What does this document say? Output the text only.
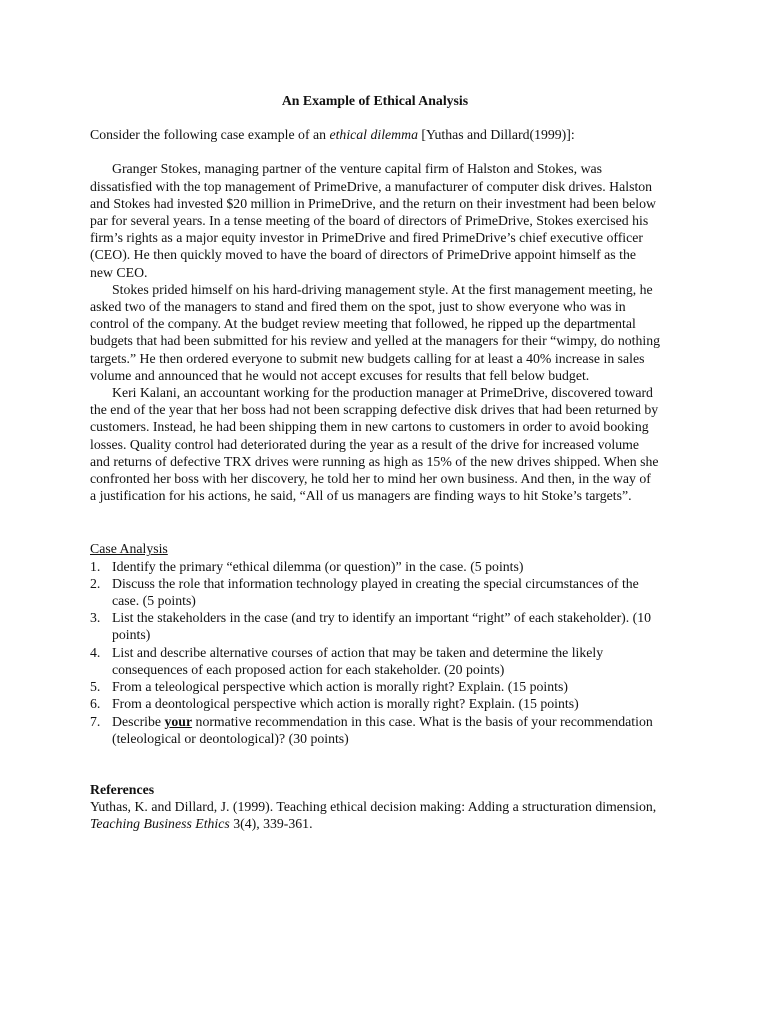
An Example of Ethical Analysis

Consider the following case example of an ethical dilemma [Yuthas and Dillard(1999)]:

Granger Stokes, managing partner of the venture capital firm of Halston and Stokes, was dissatisfied with the top management of PrimeDrive, a manufacturer of computer disk drives. Halston and Stokes had invested $20 million in PrimeDrive, and the return on their investment had been below par for several years. In a tense meeting of the board of directors of PrimeDrive, Stokes exercised his firm’s rights as a major equity investor in PrimeDrive and fired PrimeDrive’s chief executive officer (CEO). He then quickly moved to have the board of directors of PrimeDrive appoint himself as the new CEO.

Stokes prided himself on his hard-driving management style. At the first management meeting, he asked two of the managers to stand and fired them on the spot, just to show everyone who was in control of the company. At the budget review meeting that followed, he ripped up the departmental budgets that had been submitted for his review and yelled at the managers for their “wimpy, do nothing targets.” He then ordered everyone to submit new budgets calling for at least a 40% increase in sales volume and announced that he would not accept excuses for results that fell below budget.

Keri Kalani, an accountant working for the production manager at PrimeDrive, discovered toward the end of the year that her boss had not been scrapping defective disk drives that had been returned by customers. Instead, he had been shipping them in new cartons to customers in order to avoid booking losses. Quality control had deteriorated during the year as a result of the drive for increased volume and returns of defective TRX drives were running as high as 15% of the new drives shipped. When she confronted her boss with her discovery, he told her to mind her own business. And then, in the way of a justification for his actions, he said, “All of us managers are finding ways to hit Stoke’s targets”.

Case Analysis

1. Identify the primary “ethical dilemma (or question)” in the case. (5 points)
2. Discuss the role that information technology played in creating the special circumstances of the case. (5 points)
3. List the stakeholders in the case (and try to identify an important “right” of each stakeholder). (10 points)
4. List and describe alternative courses of action that may be taken and determine the likely consequences of each proposed action for each stakeholder. (20 points)
5. From a teleological perspective which action is morally right? Explain. (15 points)
6. From a deontological perspective which action is morally right? Explain. (15 points)
7. Describe your normative recommendation in this case. What is the basis of your recommendation (teleological or deontological)? (30 points)

References

Yuthas, K. and Dillard, J. (1999). Teaching ethical decision making: Adding a structuration dimension, Teaching Business Ethics 3(4), 339-361.
